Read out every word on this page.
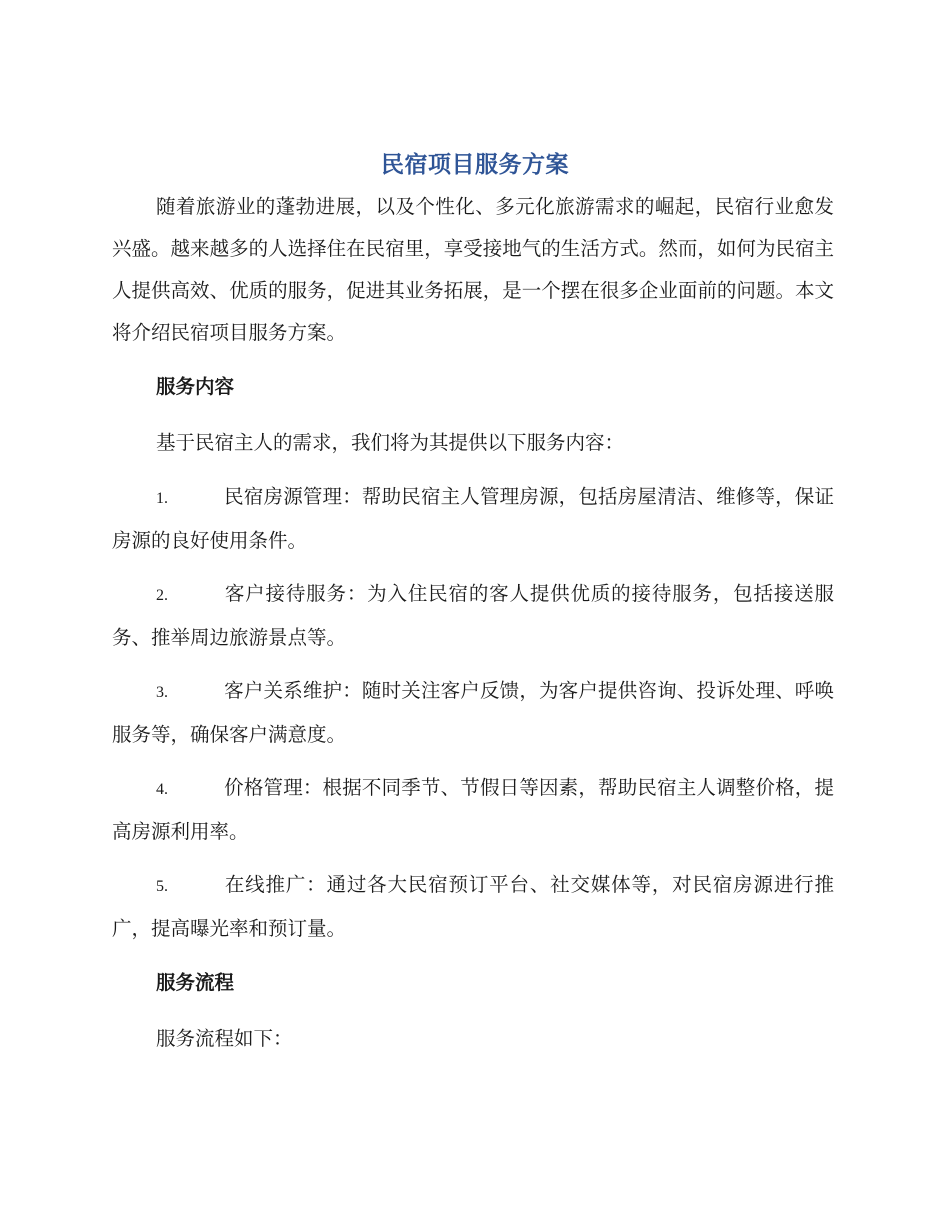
民宿项目服务方案

随着旅游业的蓬勃进展，以及个性化、多元化旅游需求的崛起，民宿行业愈发兴盛。越来越多的人选择住在民宿里，享受接地气的生活方式。然而，如何为民宿主人提供高效、优质的服务，促进其业务拓展，是一个摆在很多企业面前的问题。本文将介绍民宿项目服务方案。

服务内容

基于民宿主人的需求，我们将为其提供以下服务内容：

1.	民宿房源管理：帮助民宿主人管理房源，包括房屋清洁、维修等，保证房源的良好使用条件。

2.	客户接待服务：为入住民宿的客人提供优质的接待服务，包括接送服务、推举周边旅游景点等。

3.	客户关系维护：随时关注客户反馈，为客户提供咨询、投诉处理、呼唤服务等，确保客户满意度。

4.	价格管理：根据不同季节、节假日等因素，帮助民宿主人调整价格，提高房源利用率。

5.	在线推广：通过各大民宿预订平台、社交媒体等，对民宿房源进行推广，提高曝光率和预订量。

服务流程

服务流程如下：
